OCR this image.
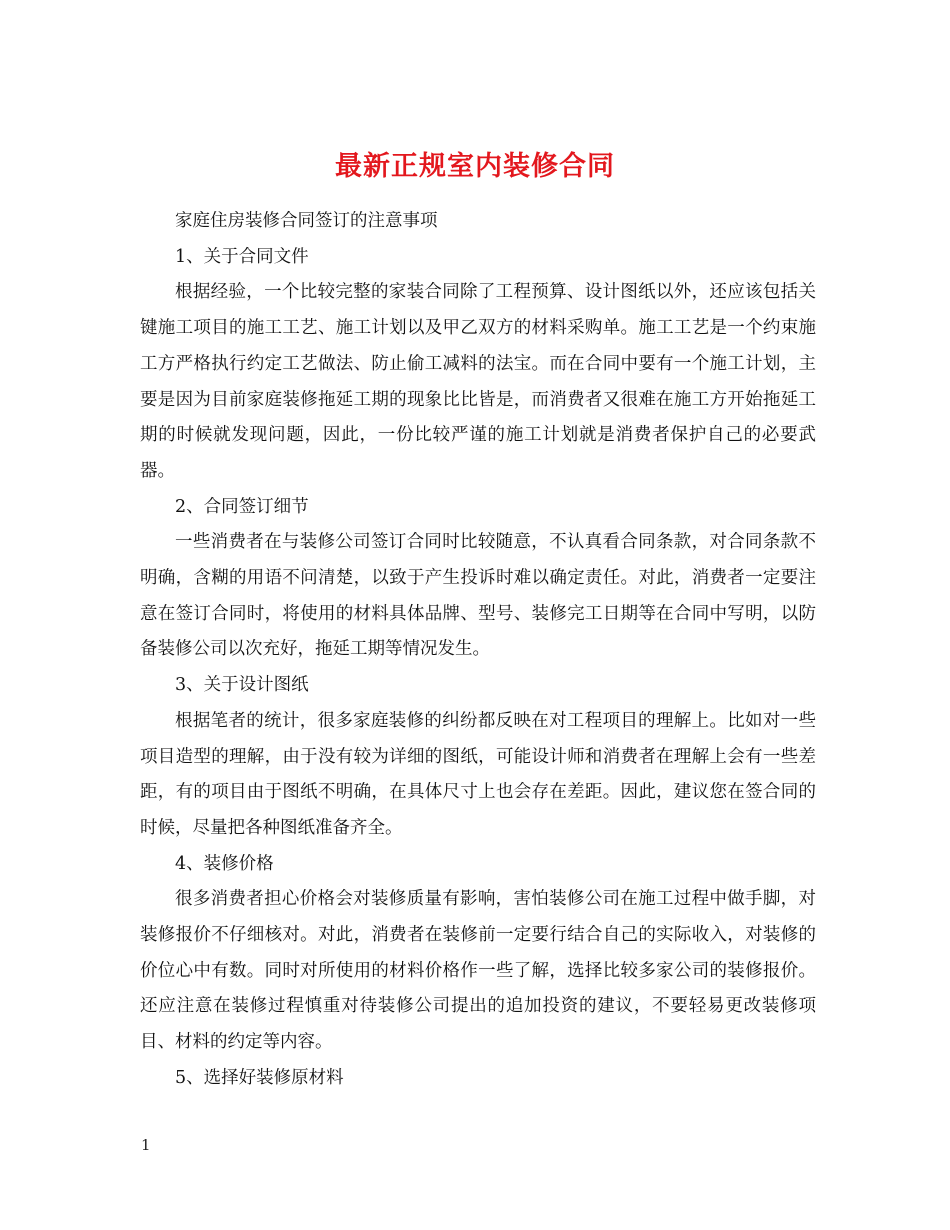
最新正规室内装修合同

家庭住房装修合同签订的注意事项

1、关于合同文件

根据经验，一个比较完整的家装合同除了工程预算、设计图纸以外，还应该包括关键施工项目的施工工艺、施工计划以及甲乙双方的材料采购单。施工工艺是一个约束施工方严格执行约定工艺做法、防止偷工减料的法宝。而在合同中要有一个施工计划，主要是因为目前家庭装修拖延工期的现象比比皆是，而消费者又很难在施工方开始拖延工期的时候就发现问题，因此，一份比较严谨的施工计划就是消费者保护自己的必要武器。

2、合同签订细节

一些消费者在与装修公司签订合同时比较随意，不认真看合同条款，对合同条款不明确，含糊的用语不问清楚，以致于产生投诉时难以确定责任。对此，消费者一定要注意在签订合同时，将使用的材料具体品牌、型号、装修完工日期等在合同中写明，以防备装修公司以次充好，拖延工期等情况发生。

3、关于设计图纸

根据笔者的统计，很多家庭装修的纠纷都反映在对工程项目的理解上。比如对一些项目造型的理解，由于没有较为详细的图纸，可能设计师和消费者在理解上会有一些差距，有的项目由于图纸不明确，在具体尺寸上也会存在差距。因此，建议您在签合同的时候，尽量把各种图纸准备齐全。

4、装修价格

很多消费者担心价格会对装修质量有影响，害怕装修公司在施工过程中做手脚，对装修报价不仔细核对。对此，消费者在装修前一定要行结合自己的实际收入，对装修的价位心中有数。同时对所使用的材料价格作一些了解，选择比较多家公司的装修报价。还应注意在装修过程慎重对待装修公司提出的追加投资的建议，不要轻易更改装修项目、材料的约定等内容。

5、选择好装修原材料

1
